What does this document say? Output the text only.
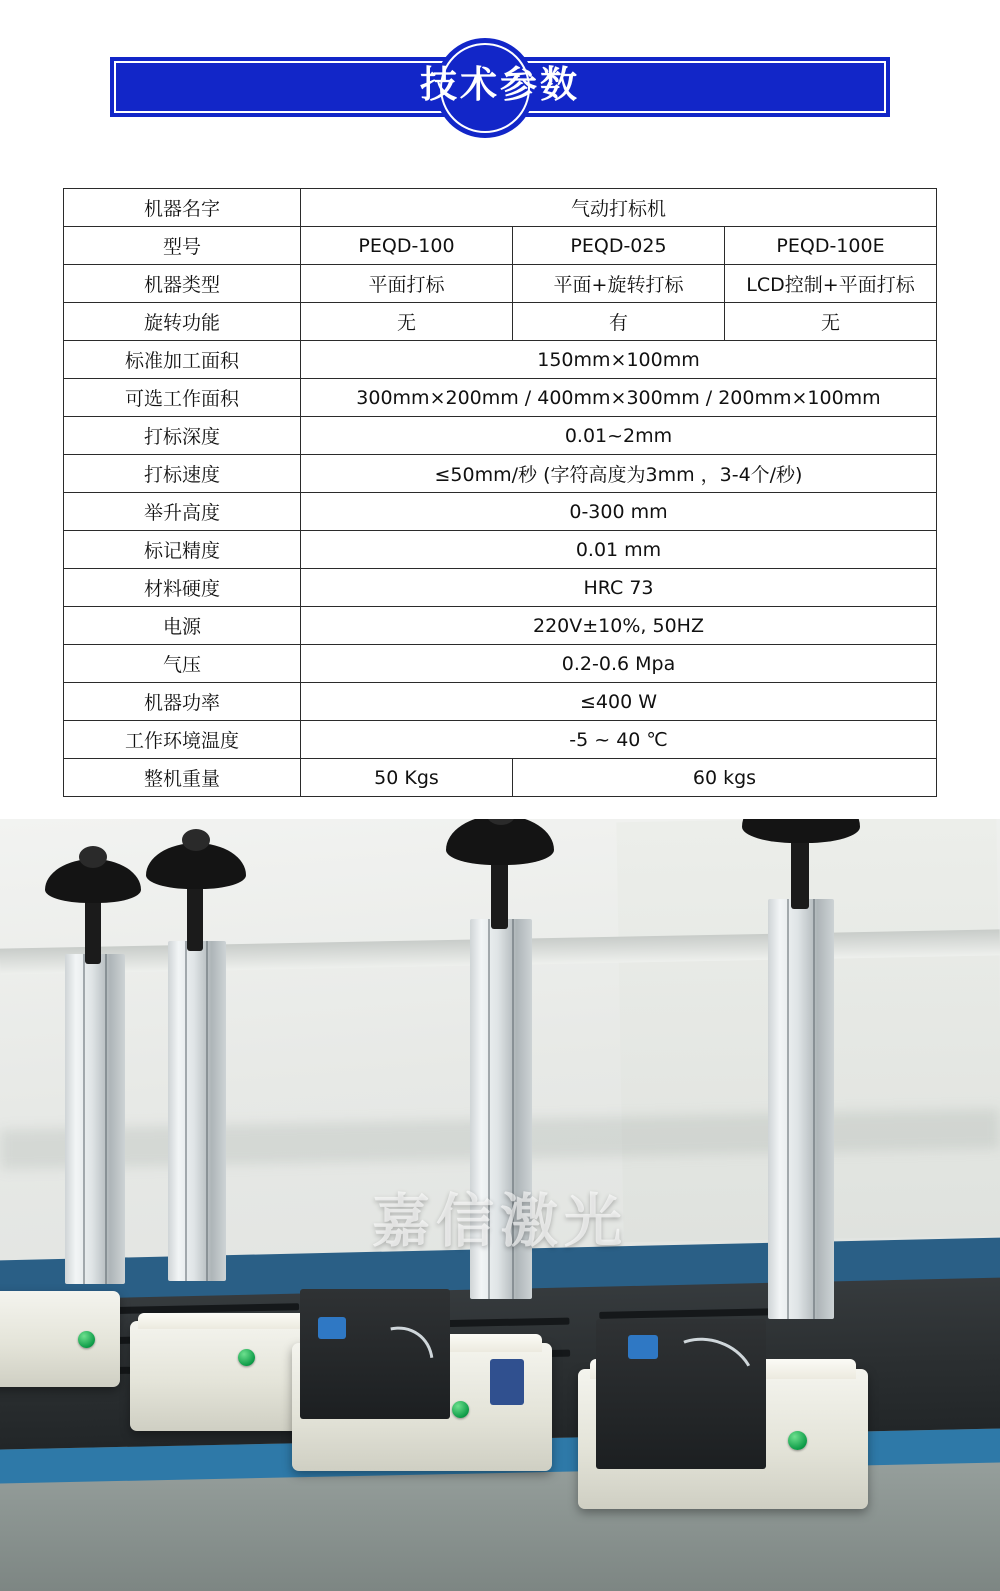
技术参数
机器名字	气动打标机		
型号	PEQD-100	PEQD-025	PEQD-100E
机器类型	平面打标	平面+旋转打标	LCD控制+平面打标
旋转功能	无	有	无
标准加工面积	150mm×100mm		
可选工作面积	300mm×200mm / 400mm×300mm / 200mm×100mm		
打标深度	0.01~2mm		
打标速度	≤50mm/秒 (字符高度为3mm ，3-4个/秒)		
举升高度	0-300 mm		
标记精度	0.01 mm		
材料硬度	HRC 73		
电源	220V±10%, 50HZ		
气压	0.2-0.6 Mpa		
机器功率	≤400 W		
工作环境温度	-5 ~ 40 ℃		
整机重量	50 Kgs	60 kgs	
嘉信激光
